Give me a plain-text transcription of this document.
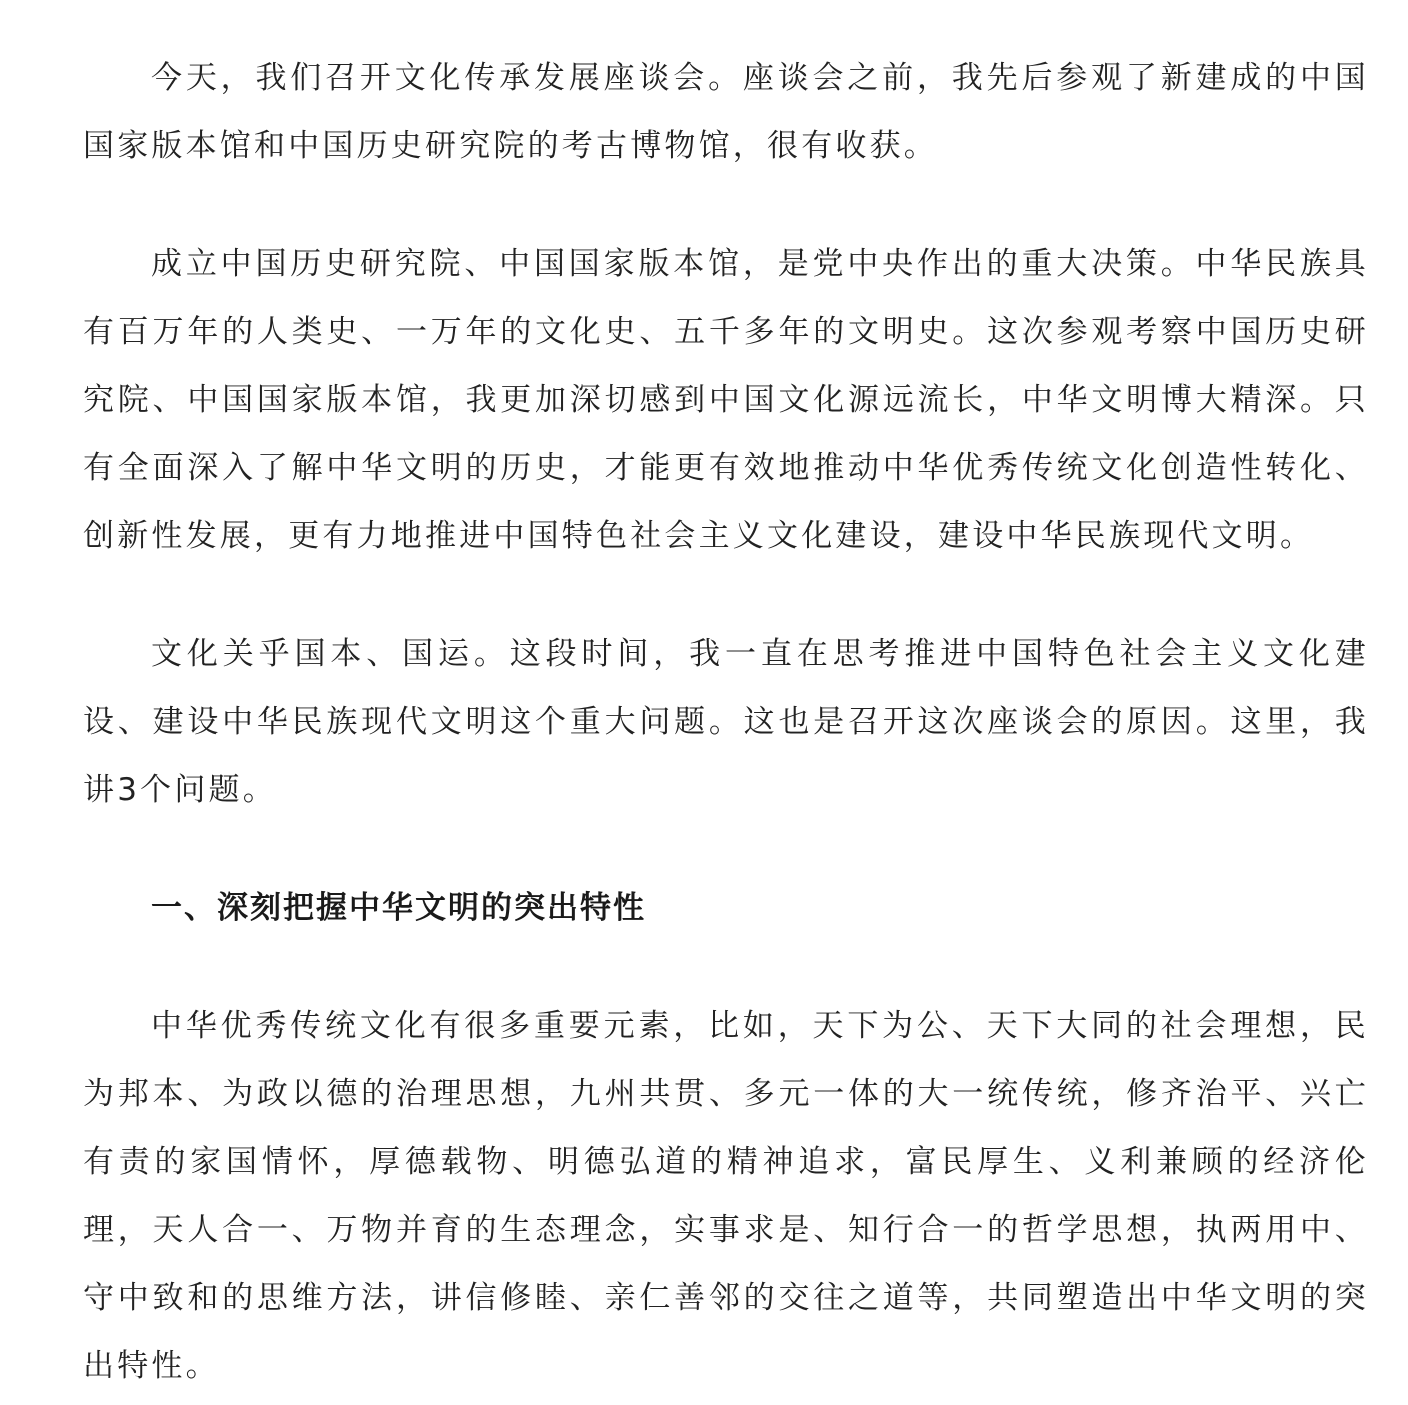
今天，我们召开文化传承发展座谈会。座谈会之前，我先后参观了新建成的中国国家版本馆和中国历史研究院的考古博物馆，很有收获。

成立中国历史研究院、中国国家版本馆，是党中央作出的重大决策。中华民族具有百万年的人类史、一万年的文化史、五千多年的文明史。这次参观考察中国历史研究院、中国国家版本馆，我更加深切感到中国文化源远流长，中华文明博大精深。只有全面深入了解中华文明的历史，才能更有效地推动中华优秀传统文化创造性转化、创新性发展，更有力地推进中国特色社会主义文化建设，建设中华民族现代文明。

文化关乎国本、国运。这段时间，我一直在思考推进中国特色社会主义文化建设、建设中华民族现代文明这个重大问题。这也是召开这次座谈会的原因。这里，我讲3个问题。

一、深刻把握中华文明的突出特性

中华优秀传统文化有很多重要元素，比如，天下为公、天下大同的社会理想，民为邦本、为政以德的治理思想，九州共贯、多元一体的大一统传统，修齐治平、兴亡有责的家国情怀，厚德载物、明德弘道的精神追求，富民厚生、义利兼顾的经济伦理，天人合一、万物并育的生态理念，实事求是、知行合一的哲学思想，执两用中、守中致和的思维方法，讲信修睦、亲仁善邻的交往之道等，共同塑造出中华文明的突出特性。
